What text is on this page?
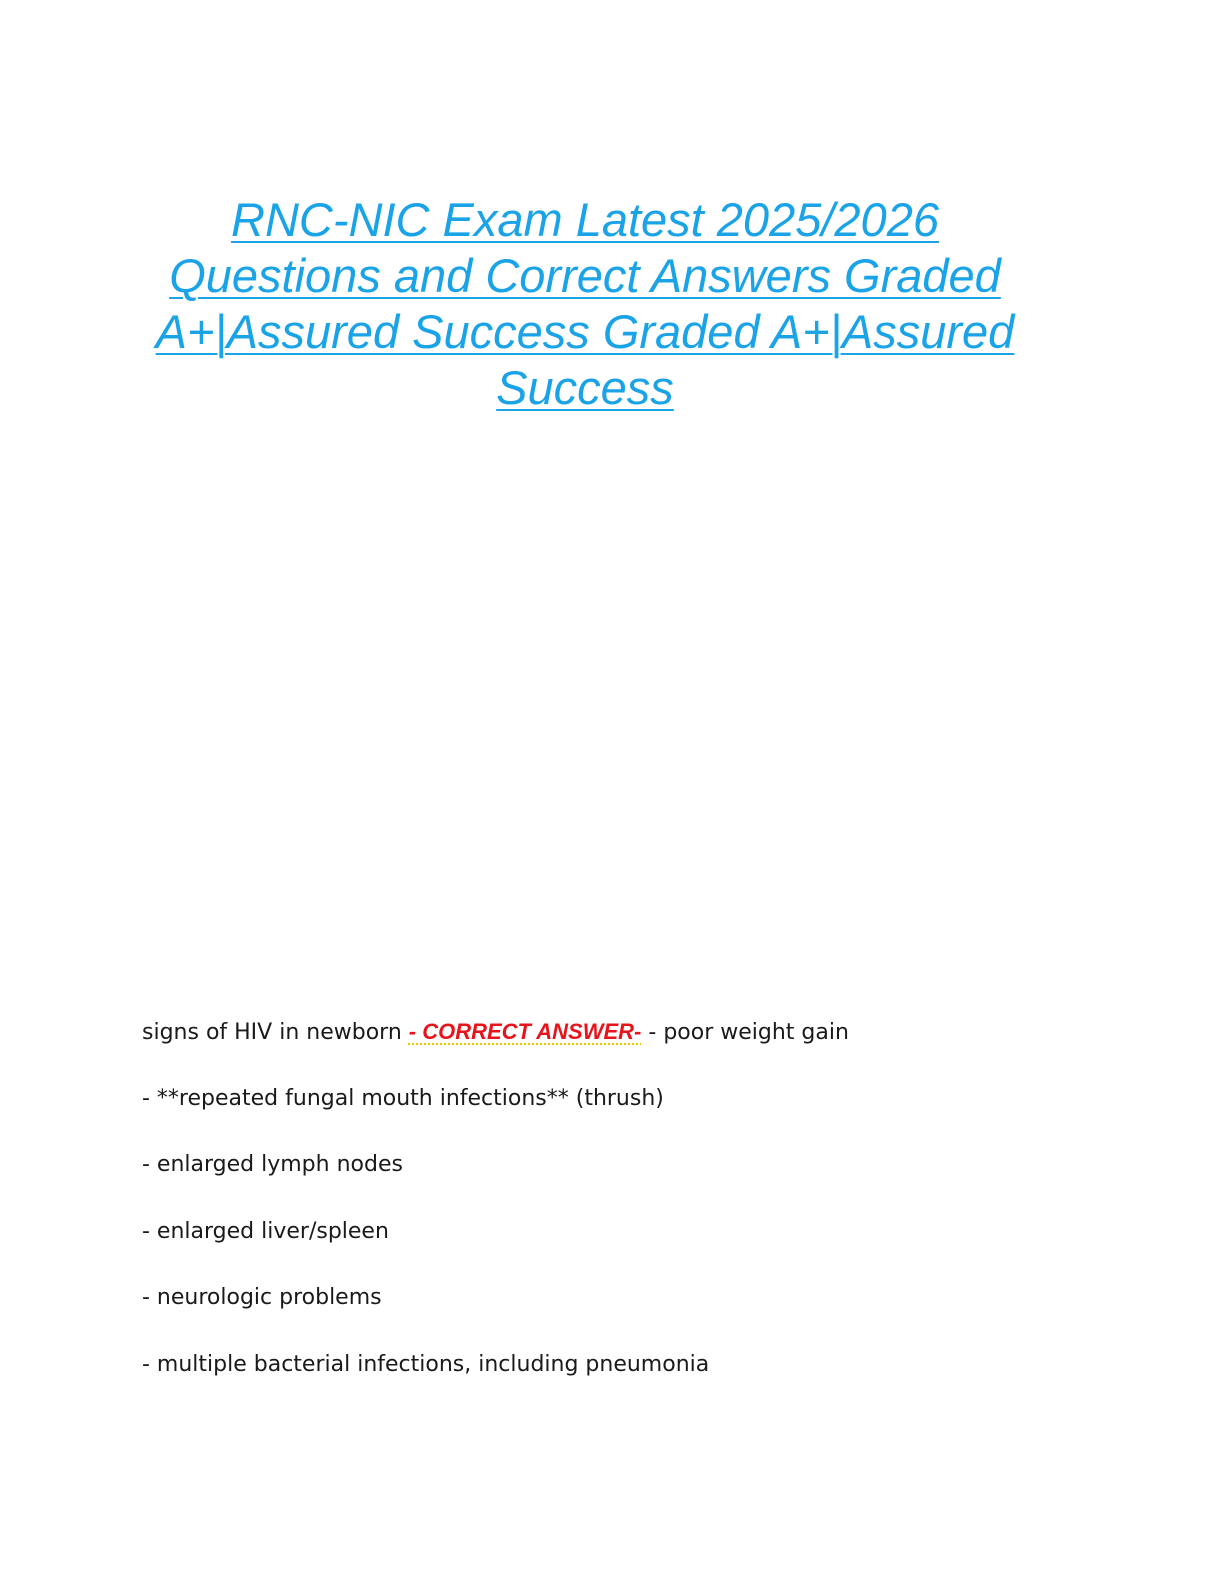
RNC-NIC Exam Latest 2025/2026
Questions and Correct Answers Graded
A+|Assured Success Graded A+|Assured
Success
signs of HIV in newborn - CORRECT ANSWER- - poor weight gain
- **repeated fungal mouth infections** (thrush)
- enlarged lymph nodes
- enlarged liver/spleen
- neurologic problems
- multiple bacterial infections, including pneumonia
